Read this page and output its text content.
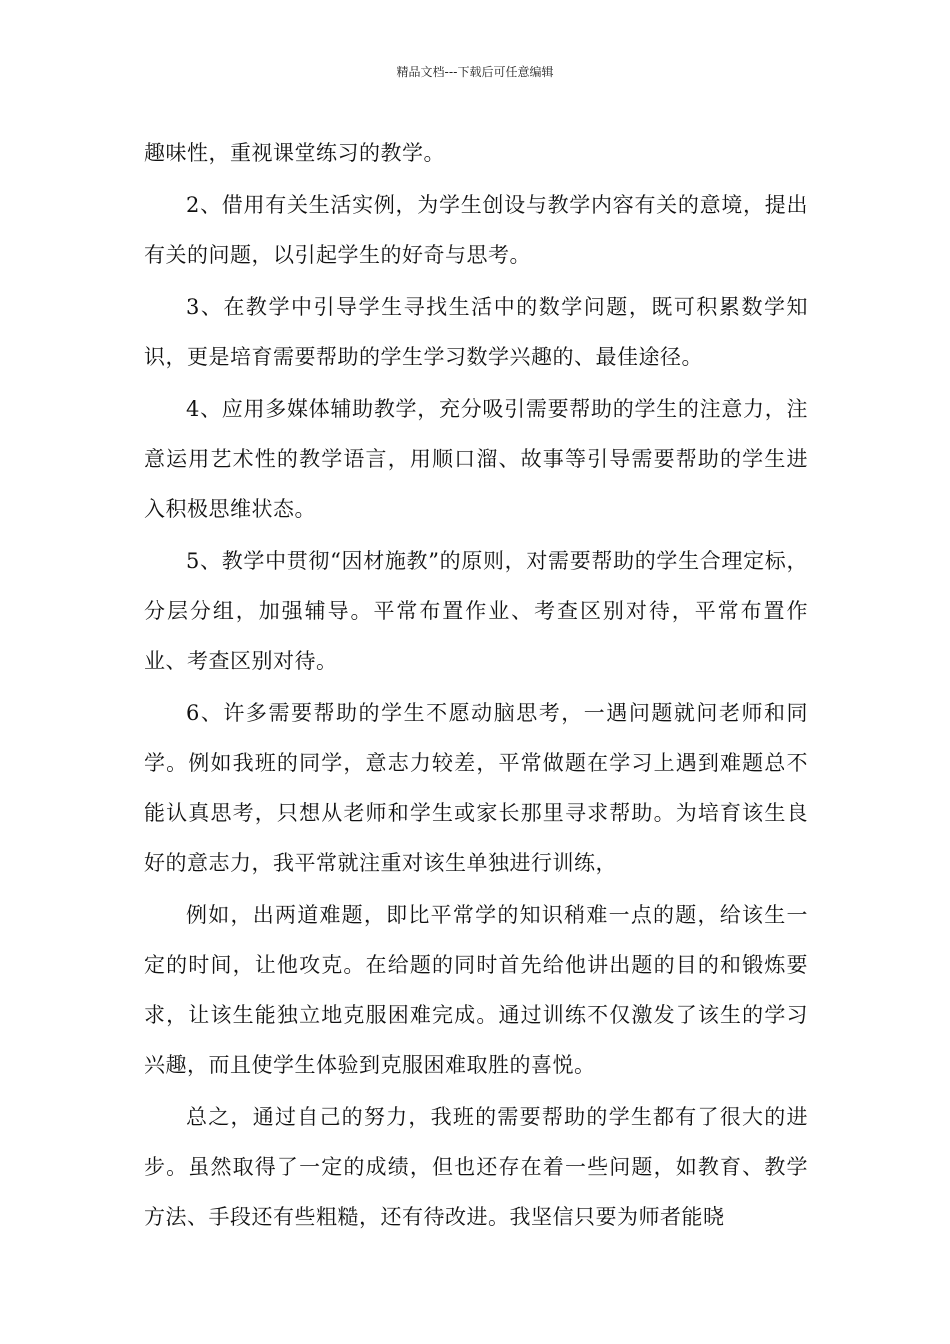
精品文档---下载后可任意编辑

趣味性，重视课堂练习的教学。

2、借用有关生活实例，为学生创设与教学内容有关的意境，提出有关的问题，以引起学生的好奇与思考。

3、在教学中引导学生寻找生活中的数学问题，既可积累数学知识，更是培育需要帮助的学生学习数学兴趣的、最佳途径。

4、应用多媒体辅助教学，充分吸引需要帮助的学生的注意力，注意运用艺术性的教学语言，用顺口溜、故事等引导需要帮助的学生进入积极思维状态。

5、教学中贯彻“因材施教”的原则，对需要帮助的学生合理定标，分层分组，加强辅导。平常布置作业、考查区别对待，平常布置作业、考查区别对待。

6、许多需要帮助的学生不愿动脑思考，一遇问题就问老师和同学。例如我班的同学，意志力较差，平常做题在学习上遇到难题总不能认真思考，只想从老师和学生或家长那里寻求帮助。为培育该生良好的意志力，我平常就注重对该生单独进行训练，

例如，出两道难题，即比平常学的知识稍难一点的题，给该生一定的时间，让他攻克。在给题的同时首先给他讲出题的目的和锻炼要求，让该生能独立地克服困难完成。通过训练不仅激发了该生的学习兴趣，而且使学生体验到克服困难取胜的喜悦。

总之，通过自己的努力，我班的需要帮助的学生都有了很大的进步。虽然取得了一定的成绩，但也还存在着一些问题，如教育、教学方法、手段还有些粗糙，还有待改进。我坚信只要为师者能晓
